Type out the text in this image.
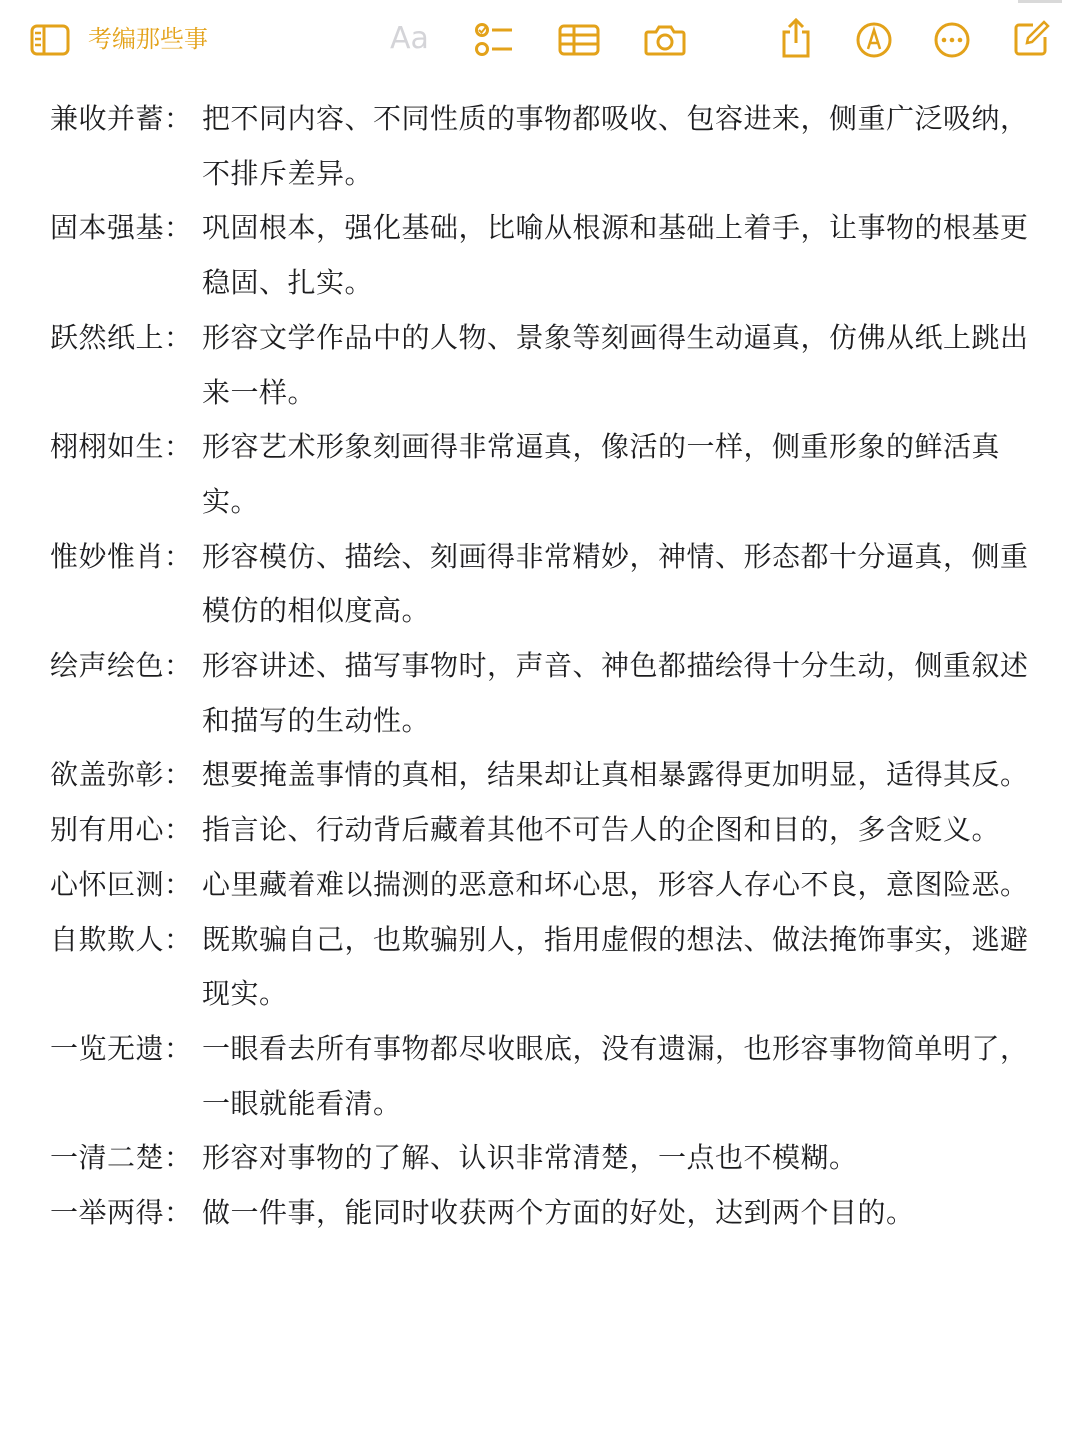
考编那些事	Aa
兼收并蓄： 把不同内容、不同性质的事物都吸收、包容进来，侧重广泛吸纳，不排斥差异。
固本强基： 巩固根本，强化基础，比喻从根源和基础上着手，让事物的根基更稳固、扎实。
跃然纸上： 形容文学作品中的人物、景象等刻画得生动逼真，仿佛从纸上跳出来一样。
栩栩如生： 形容艺术形象刻画得非常逼真，像活的一样，侧重形象的鲜活真实。
惟妙惟肖： 形容模仿、描绘、刻画得非常精妙，神情、形态都十分逼真，侧重模仿的相似度高。
绘声绘色： 形容讲述、描写事物时，声音、神色都描绘得十分生动，侧重叙述和描写的生动性。
欲盖弥彰： 想要掩盖事情的真相，结果却让真相暴露得更加明显，适得其反。
别有用心： 指言论、行动背后藏着其他不可告人的企图和目的，多含贬义。
心怀叵测： 心里藏着难以揣测的恶意和坏心思，形容人存心不良，意图险恶。
自欺欺人： 既欺骗自己，也欺骗别人，指用虚假的想法、做法掩饰事实，逃避现实。
一览无遗： 一眼看去所有事物都尽收眼底，没有遗漏，也形容事物简单明了，一眼就能看清。
一清二楚： 形容对事物的了解、认识非常清楚，一点也不模糊。
一举两得： 做一件事，能同时收获两个方面的好处，达到两个目的。
